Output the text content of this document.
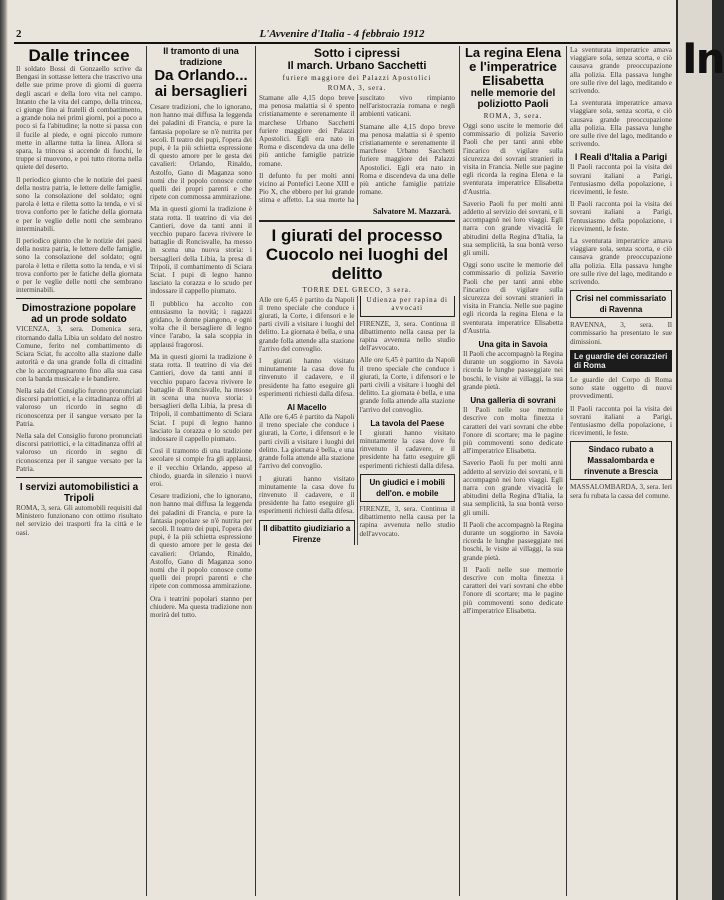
2	L'Avvenire d'Italia - 4 febbraio 1912
Dalle trincee

Il soldato Bossi di Gonzaello scrive da Bengasi in sottasse lettera che trascrivo una delle sue prime prove di giorni di guerra degli ascari e della loro vita nel campo. Intanto che la vita del campo, della trincea, ci giunge fino ai fratelli di combattimento, a grande noia nei primi giorni, poi a poco a poco si fa l'abitudine; la notte si passa con il fucile al piede, e ogni piccolo rumore mette in allarme tutta la linea. Allora si spara, la trincea si accende di fuochi, le truppe si muovono, e poi tutto ritorna nella quiete del deserto.

Il periodico giunto che le notizie dei paesi della nostra patria, le lettere delle famiglie, sono la consolazione del soldato; ogni parola è letta e riletta sotto la tenda, e vi si trova conforto per le fatiche della giornata e per le veglie delle notti che sembrano interminabili.

Il periodico giunto che le notizie dei paesi della nostra patria, le lettere delle famiglie, sono la consolazione del soldato; ogni parola è letta e riletta sotto la tenda, e vi si trova conforto per le fatiche della giornata e per le veglie delle notti che sembrano interminabili.

Dimostrazione popolare ad un prode soldato

VICENZA, 3, sera. Domenica sera, ritornando dalla Libia un soldato del nostro Comune, ferito nel combattimento di Sciara Sciat, fu accolto alla stazione dalle autorità e da una grande folla di cittadini che lo accompagnarono fino alla sua casa con la banda musicale e le bandiere.

Nella sala del Consiglio furono pronunciati discorsi patriottici, e la cittadinanza offrì al valoroso un ricordo in segno di riconoscenza per il sangue versato per la Patria.

Nella sala del Consiglio furono pronunciati discorsi patriottici, e la cittadinanza offrì al valoroso un ricordo in segno di riconoscenza per il sangue versato per la Patria.

I servizi automobilistici a Tripoli

ROMA, 3, sera. Gli automobili requisiti dal Ministero funzionano con ottimo risultato nel servizio dei trasporti fra la città e le oasi.

Il tramonto di una tradizione
Da Orlando... ai bersaglieri

Cesare tradizioni, che lo ignorano, non hanno mai diffusa la leggenda dei paladini di Francia, e pure la fantasia popolare se n'è nutrita per secoli. Il teatro dei pupi, l'opera dei pupi, è la più schietta espressione di questo amore per le gesta dei cavalieri: Orlando, Rinaldo, Astolfo, Gano di Maganza sono nomi che il popolo conosce come quelli dei propri parenti e che ripete con commossa ammirazione.

Ma in questi giorni la tradizione è stata rotta. Il teatrino di via dei Cantieri, dove da tanti anni il vecchio puparo faceva rivivere le battaglie di Roncisvalle, ha messo in scena una nuova storia: i bersaglieri della Libia, la presa di Tripoli, il combattimento di Sciara Sciat. I pupi di legno hanno lasciato la corazza e lo scudo per indossare il cappello piumato.

Il pubblico ha accolto con entusiasmo la novità; i ragazzi gridano, le donne piangono, e ogni volta che il bersagliere di legno vince l'arabo, la sala scoppia in applausi fragorosi.

Ma in questi giorni la tradizione è stata rotta. Il teatrino di via dei Cantieri, dove da tanti anni il vecchio puparo faceva rivivere le battaglie di Roncisvalle, ha messo in scena una nuova storia: i bersaglieri della Libia, la presa di Tripoli, il combattimento di Sciara Sciat. I pupi di legno hanno lasciato la corazza e lo scudo per indossare il cappello piumato.

Così il tramonto di una tradizione secolare si compie fra gli applausi, e il vecchio Orlando, appeso al chiodo, guarda in silenzio i nuovi eroi.

Cesare tradizioni, che lo ignorano, non hanno mai diffusa la leggenda dei paladini di Francia, e pure la fantasia popolare se n'è nutrita per secoli. Il teatro dei pupi, l'opera dei pupi, è la più schietta espressione di questo amore per le gesta dei cavalieri: Orlando, Rinaldo, Astolfo, Gano di Maganza sono nomi che il popolo conosce come quelli dei propri parenti e che ripete con commossa ammirazione.

Ora i teatrini popolari stanno per chiudere. Ma questa tradizione non morirà del tutto.

Sotto i cipressi
Il march. Urbano Sacchetti
furiere maggiore dei Palazzi Apostolici
ROMA, 3, sera.

Stamane alle 4,15 dopo breve ma penosa malattia si è spento cristianamente e serenamente il marchese Urbano Sacchetti furiere maggiore dei Palazzi Apostolici. Egli era nato in Roma e discendeva da una delle più antiche famiglie patrizie romane.

Il defunto fu per molti anni vicino ai Pontefici Leone XIII e Pio X, che ebbero per lui grande stima e affetto. La sua morte ha suscitato vivo rimpianto nell'aristocrazia romana e negli ambienti vaticani.

Stamane alle 4,15 dopo breve ma penosa malattia si è spento cristianamente e serenamente il marchese Urbano Sacchetti furiere maggiore dei Palazzi Apostolici. Egli era nato in Roma e discendeva da una delle più antiche famiglie patrizie romane.

Salvatore M. Mazzarà.
I giurati del processo Cuocolo nei luoghi del delitto
TORRE DEL GRECO, 3 sera.

Alle ore 6,45 è partito da Napoli il treno speciale che conduce i giurati, la Corte, i difensori e le parti civili a visitare i luoghi del delitto. La giornata è bella, e una grande folla attende alla stazione l'arrivo del convoglio.

I giurati hanno visitato minutamente la casa dove fu rinvenuto il cadavere, e il presidente ha fatto eseguire gli esperimenti richiesti dalla difesa.

Al Macello

Alle ore 6,45 è partito da Napoli il treno speciale che conduce i giurati, la Corte, i difensori e le parti civili a visitare i luoghi del delitto. La giornata è bella, e una grande folla attende alla stazione l'arrivo del convoglio.

I giurati hanno visitato minutamente la casa dove fu rinvenuto il cadavere, e il presidente ha fatto eseguire gli esperimenti richiesti dalla difesa.

Il dibattito giudiziario a Firenze
Udienza per rapina di avvocati

FIRENZE, 3, sera. Continua il dibattimento nella causa per la rapina avvenuta nello studio dell'avvocato.

Alle ore 6,45 è partito da Napoli il treno speciale che conduce i giurati, la Corte, i difensori e le parti civili a visitare i luoghi del delitto. La giornata è bella, e una grande folla attende alla stazione l'arrivo del convoglio.

La tavola del Paese

I giurati hanno visitato minutamente la casa dove fu rinvenuto il cadavere, e il presidente ha fatto eseguire gli esperimenti richiesti dalla difesa.

Un giudici e i mobili dell'on. e mobile

FIRENZE, 3, sera. Continua il dibattimento nella causa per la rapina avvenuta nello studio dell'avvocato.

La regina Elena e l'imperatrice Elisabetta
nelle memorie del poliziotto Paoli
ROMA, 3, sera.

Oggi sono uscite le memorie del commissario di polizia Saverio Paoli che per tanti anni ebbe l'incarico di vigilare sulla sicurezza dei sovrani stranieri in visita in Francia. Nelle sue pagine egli ricorda la regina Elena e la sventurata imperatrice Elisabetta d'Austria.

Saverio Paoli fu per molti anni addetto al servizio dei sovrani, e li accompagnò nei loro viaggi. Egli narra con grande vivacità le abitudini della Regina d'Italia, la sua semplicità, la sua bontà verso gli umili.

Oggi sono uscite le memorie del commissario di polizia Saverio Paoli che per tanti anni ebbe l'incarico di vigilare sulla sicurezza dei sovrani stranieri in visita in Francia. Nelle sue pagine egli ricorda la regina Elena e la sventurata imperatrice Elisabetta d'Austria.

Una gita in Savoia

Il Paoli che accompagnò la Regina durante un soggiorno in Savoia ricorda le lunghe passeggiate nei boschi, le visite ai villaggi, la sua grande pietà.

Una galleria di sovrani

Il Paoli nelle sue memorie descrive con molta finezza i caratteri dei vari sovrani che ebbe l'onore di scortare; ma le pagine più commoventi sono dedicate all'imperatrice Elisabetta.

Saverio Paoli fu per molti anni addetto al servizio dei sovrani, e li accompagnò nei loro viaggi. Egli narra con grande vivacità le abitudini della Regina d'Italia, la sua semplicità, la sua bontà verso gli umili.

Il Paoli che accompagnò la Regina durante un soggiorno in Savoia ricorda le lunghe passeggiate nei boschi, le visite ai villaggi, la sua grande pietà.

Il Paoli nelle sue memorie descrive con molta finezza i caratteri dei vari sovrani che ebbe l'onore di scortare; ma le pagine più commoventi sono dedicate all'imperatrice Elisabetta.

La sventurata imperatrice amava viaggiare sola, senza scorta, e ciò causava grande preoccupazione alla polizia. Ella passava lunghe ore sulle rive del lago, meditando e scrivendo.

La sventurata imperatrice amava viaggiare sola, senza scorta, e ciò causava grande preoccupazione alla polizia. Ella passava lunghe ore sulle rive del lago, meditando e scrivendo.

I Reali d'Italia a Parigi

Il Paoli racconta poi la visita dei sovrani italiani a Parigi, l'entusiasmo della popolazione, i ricevimenti, le feste.

Il Paoli racconta poi la visita dei sovrani italiani a Parigi, l'entusiasmo della popolazione, i ricevimenti, le feste.

La sventurata imperatrice amava viaggiare sola, senza scorta, e ciò causava grande preoccupazione alla polizia. Ella passava lunghe ore sulle rive del lago, meditando e scrivendo.

Crisi nel commissariato di Ravenna

RAVENNA, 3, sera. Il commissario ha presentato le sue dimissioni.

Le guardie dei corazzieri di Roma

Le guardie del Corpo di Roma sono state oggetto di nuovi provvedimenti.

Il Paoli racconta poi la visita dei sovrani italiani a Parigi, l'entusiasmo della popolazione, i ricevimenti, le feste.

Sindaco rubato a Massalombarda e rinvenute a Brescia

MASSALOMBARDA, 3, sera. Ieri sera fu rubata la cassa del comune.

In
